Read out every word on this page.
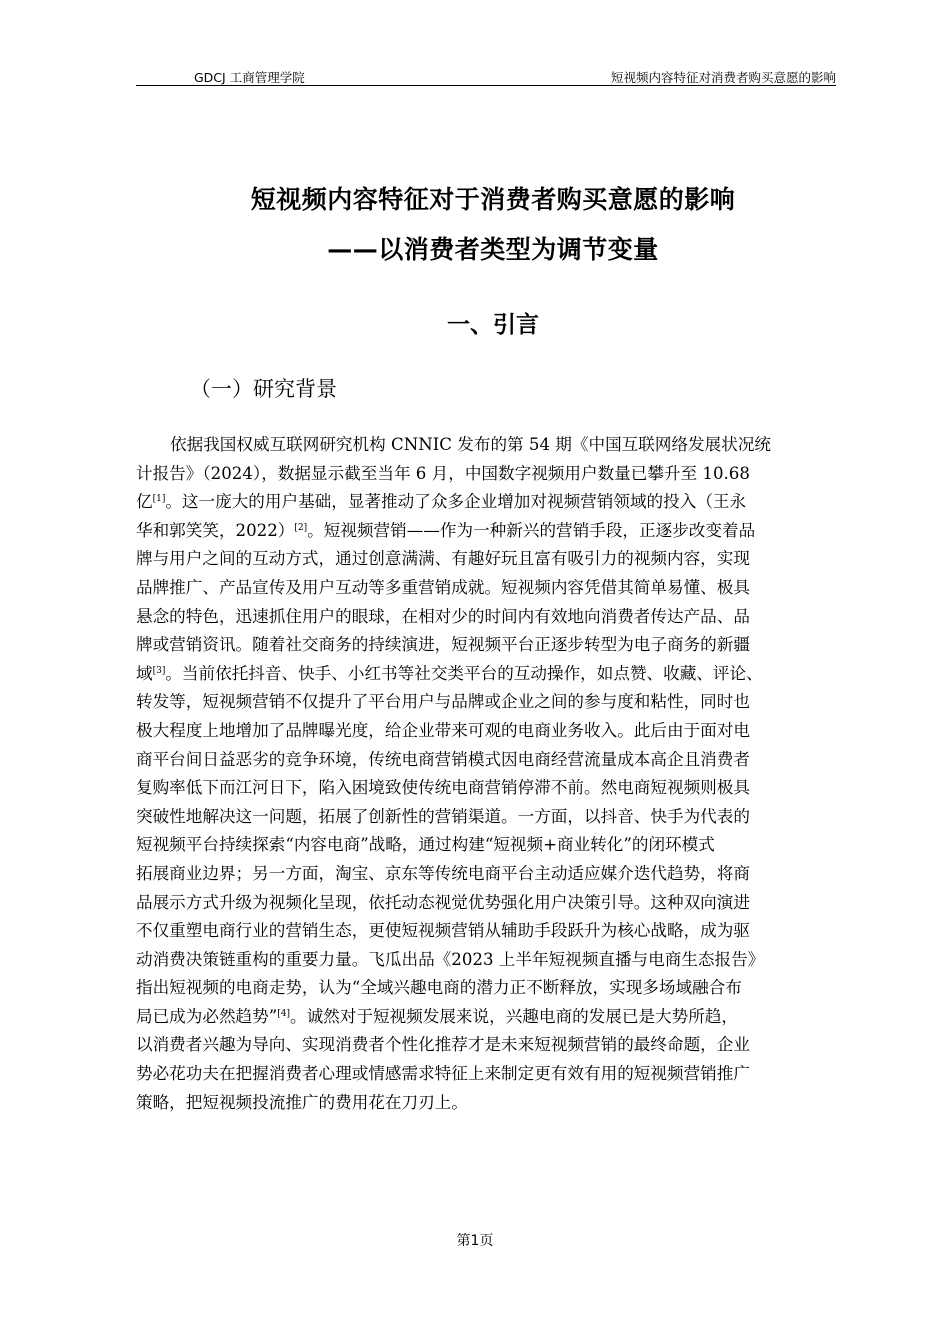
GDCJ 工商管理学院	短视频内容特征对消费者购买意愿的影响
短视频内容特征对于消费者购买意愿的影响
——以消费者类型为调节变量
一、引言
（一）研究背景
依据我国权威互联网研究机构 CNNIC 发布的第 54 期《中国互联网络发展状况统
计报告》（2024），数据显示截至当年 6 月，中国数字视频用户数量已攀升至 10.68
亿[1]。这一庞大的用户基础，显著推动了众多企业增加对视频营销领域的投入（王永
华和郭笑笑，2022）[2]。短视频营销——作为一种新兴的营销手段，正逐步改变着品
牌与用户之间的互动方式，通过创意满满、有趣好玩且富有吸引力的视频内容，实现
品牌推广、产品宣传及用户互动等多重营销成就。短视频内容凭借其简单易懂、极具
悬念的特色，迅速抓住用户的眼球，在相对少的时间内有效地向消费者传达产品、品
牌或营销资讯。随着社交商务的持续演进，短视频平台正逐步转型为电子商务的新疆
域[3]。当前依托抖音、快手、小红书等社交类平台的互动操作，如点赞、收藏、评论、
转发等，短视频营销不仅提升了平台用户与品牌或企业之间的参与度和粘性，同时也
极大程度上地增加了品牌曝光度，给企业带来可观的电商业务收入。此后由于面对电
商平台间日益恶劣的竞争环境，传统电商营销模式因电商经营流量成本高企且消费者
复购率低下而江河日下，陷入困境致使传统电商营销停滞不前。然电商短视频则极具
突破性地解决这一问题，拓展了创新性的营销渠道。一方面，以抖音、快手为代表的
短视频平台持续探索“内容电商”战略，通过构建“短视频+商业转化”的闭环模式
拓展商业边界；另一方面，淘宝、京东等传统电商平台主动适应媒介迭代趋势，将商
品展示方式升级为视频化呈现，依托动态视觉优势强化用户决策引导。这种双向演进
不仅重塑电商行业的营销生态，更使短视频营销从辅助手段跃升为核心战略，成为驱
动消费决策链重构的重要力量。飞瓜出品《2023 上半年短视频直播与电商生态报告》
指出短视频的电商走势，认为“全域兴趣电商的潜力正不断释放，实现多场域融合布
局已成为必然趋势”[4]。诚然对于短视频发展来说，兴趣电商的发展已是大势所趋，
以消费者兴趣为导向、实现消费者个性化推荐才是未来短视频营销的最终命题，企业
势必花功夫在把握消费者心理或情感需求特征上来制定更有效有用的短视频营销推广
策略，把短视频投流推广的费用花在刀刃上。
第1页
